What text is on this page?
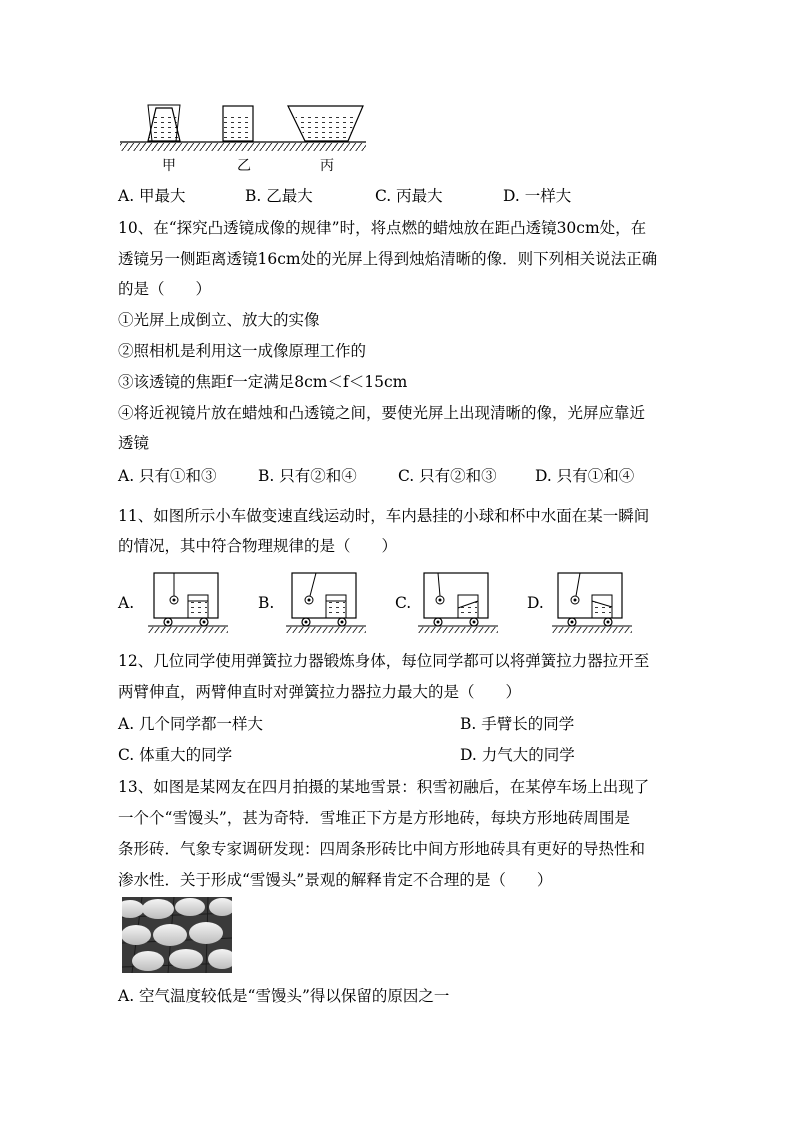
甲	乙	丙
A. 甲最大	B. 乙最大	C. 丙最大	D. 一样大
10、在“探究凸透镜成像的规律”时，将点燃的蜡烛放在距凸透镜30cm处，在
透镜另一侧距离透镜16cm处的光屏上得到烛焰清晰的像．则下列相关说法正确
的是（　　）
①光屏上成倒立、放大的实像
②照相机是利用这一成像原理工作的
③该透镜的焦距f一定满足8cm＜f＜15cm
④将近视镜片放在蜡烛和凸透镜之间，要使光屏上出现清晰的像，光屏应靠近
透镜
A. 只有①和③	B. 只有②和④	C. 只有②和③ D. 只有①和④
11、如图所示小车做变速直线运动时，车内悬挂的小球和杯中水面在某一瞬间
的情况，其中符合物理规律的是（　　）
A.	B.	C.	D.
12、几位同学使用弹簧拉力器锻炼身体，每位同学都可以将弹簧拉力器拉开至
两臂伸直，两臂伸直时对弹簧拉力器拉力最大的是（　　）
A. 几个同学都一样大	B. 手臂长的同学
C. 体重大的同学	D. 力气大的同学
13、如图是某网友在四月拍摄的某地雪景：积雪初融后，在某停车场上出现了
一个个“雪馒头”，甚为奇特．雪堆正下方是方形地砖，每块方形地砖周围是
条形砖．气象专家调研发现：四周条形砖比中间方形地砖具有更好的导热性和
渗水性．关于形成“雪馒头”景观的解释肯定不合理的是（　　）
A. 空气温度较低是“雪馒头”得以保留的原因之一
